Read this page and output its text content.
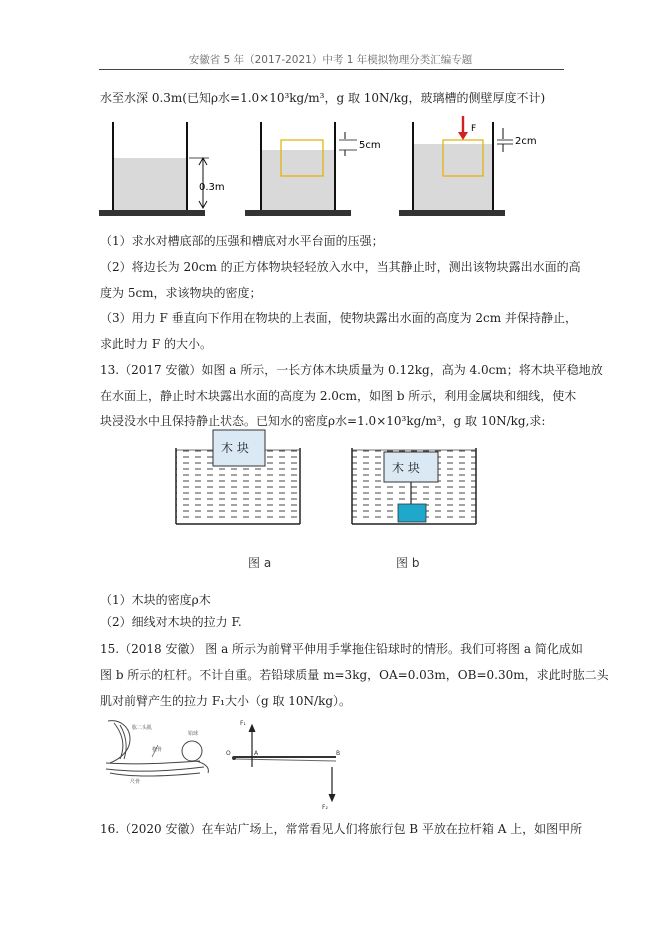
安徽省 5 年（2017-2021）中考 1 年模拟物理分类汇编专题
水至水深 0.3m(已知ρ水=1.0×10³kg/m³，g 取 10N/kg，玻璃槽的侧壁厚度不计)
0.3m
5cm
F
2cm
（1）求水对槽底部的压强和槽底对水平台面的压强；
（2）将边长为 20cm 的正方体物块轻轻放入水中，当其静止时，测出该物块露出水面的高
度为 5cm，求该物块的密度；
（3）用力 F 垂直向下作用在物块的上表面，使物块露出水面的高度为 2cm 并保持静止，
求此时力 F 的大小。
13.（2017 安徽）如图 a 所示，一长方体木块质量为 0.12kg，高为 4.0cm；将木块平稳地放
在水面上，静止时木块露出水面的高度为 2.0cm，如图 b 所示，利用金属块和细线，使木
块浸没水中且保持静止状态。已知水的密度ρ水=1.0×10³kg/m³，g 取 10N/kg,求:
木 块
木 块
图 a	图 b
（1）木块的密度ρ木
（2）细线对木块的拉力 F.
15.（2018 安徽） 图 a 所示为前臂平伸用手掌拖住铅球时的情形。我们可将图 a 简化成如
图 b 所示的杠杆。不计自重。若铅球质量 m=3kg，OA=0.03m，OB=0.30m，求此时肱二头
肌对前臂产生的拉力 F₁大小（g 取 10N/kg）。
肱二头肌
铅球
桡骨
尺骨
O	A	B
F₁
F₂
16.（2020 安徽）在车站广场上，常常看见人们将旅行包 B 平放在拉杆箱 A 上，如图甲所
